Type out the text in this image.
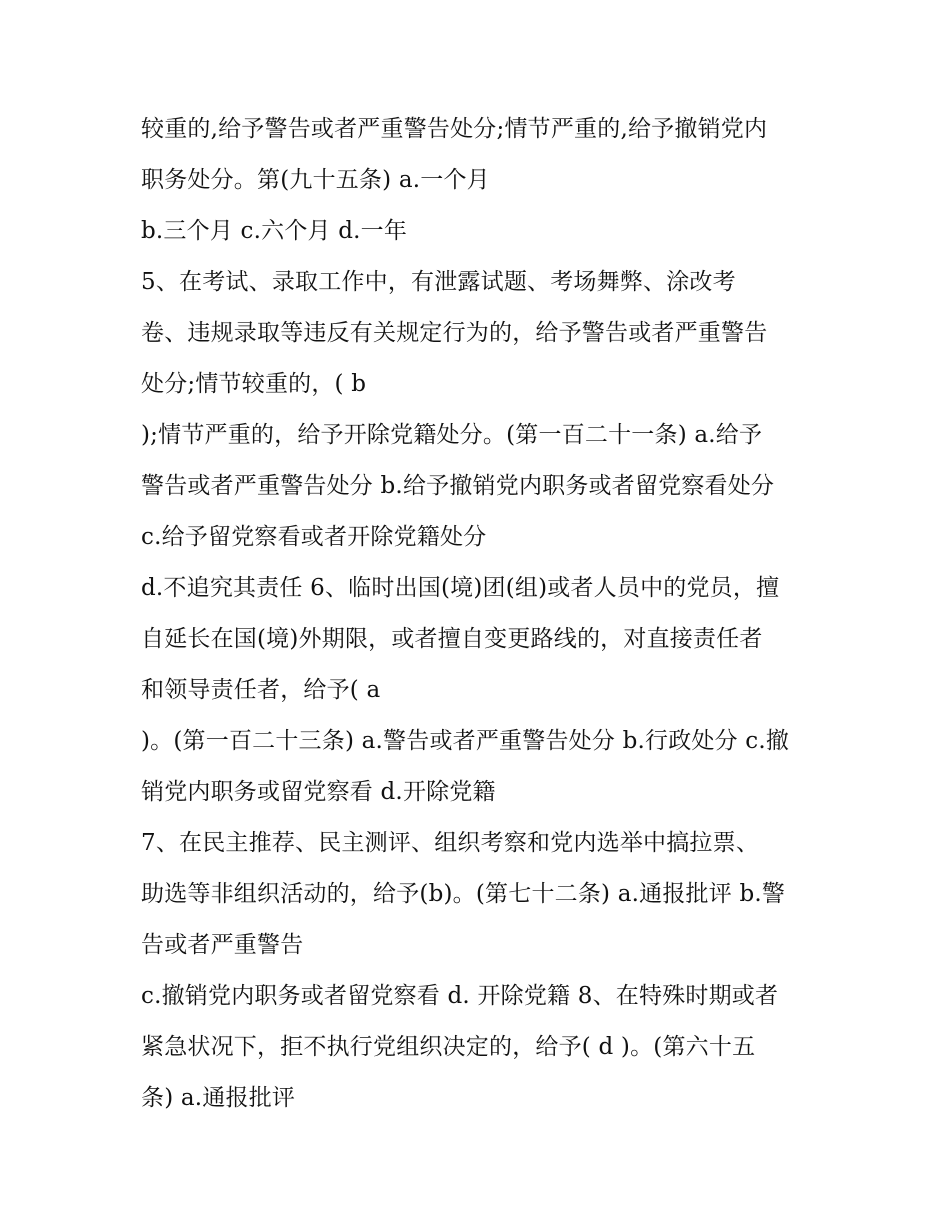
较重的,给予警告或者严重警告处分;情节严重的,给予撤销党内
职务处分。第(九十五条) a.一个月
b.三个月 c.六个月 d.一年
5、在考试、录取工作中，有泄露试题、考场舞弊、涂改考
卷、违规录取等违反有关规定行为的，给予警告或者严重警告
处分;情节较重的，( b
);情节严重的，给予开除党籍处分。(第一百二十一条) a.给予
警告或者严重警告处分 b.给予撤销党内职务或者留党察看处分
c.给予留党察看或者开除党籍处分
d.不追究其责任 6、临时出国(境)团(组)或者人员中的党员，擅
自延长在国(境)外期限，或者擅自变更路线的，对直接责任者
和领导责任者，给予( a
)。(第一百二十三条) a.警告或者严重警告处分 b.行政处分 c.撤
销党内职务或留党察看 d.开除党籍
7、在民主推荐、民主测评、组织考察和党内选举中搞拉票、
助选等非组织活动的，给予(b)。(第七十二条) a.通报批评 b.警
告或者严重警告
c.撤销党内职务或者留党察看 d. 开除党籍 8、在特殊时期或者
紧急状况下，拒不执行党组织决定的，给予( d )。(第六十五
条) a.通报批评
